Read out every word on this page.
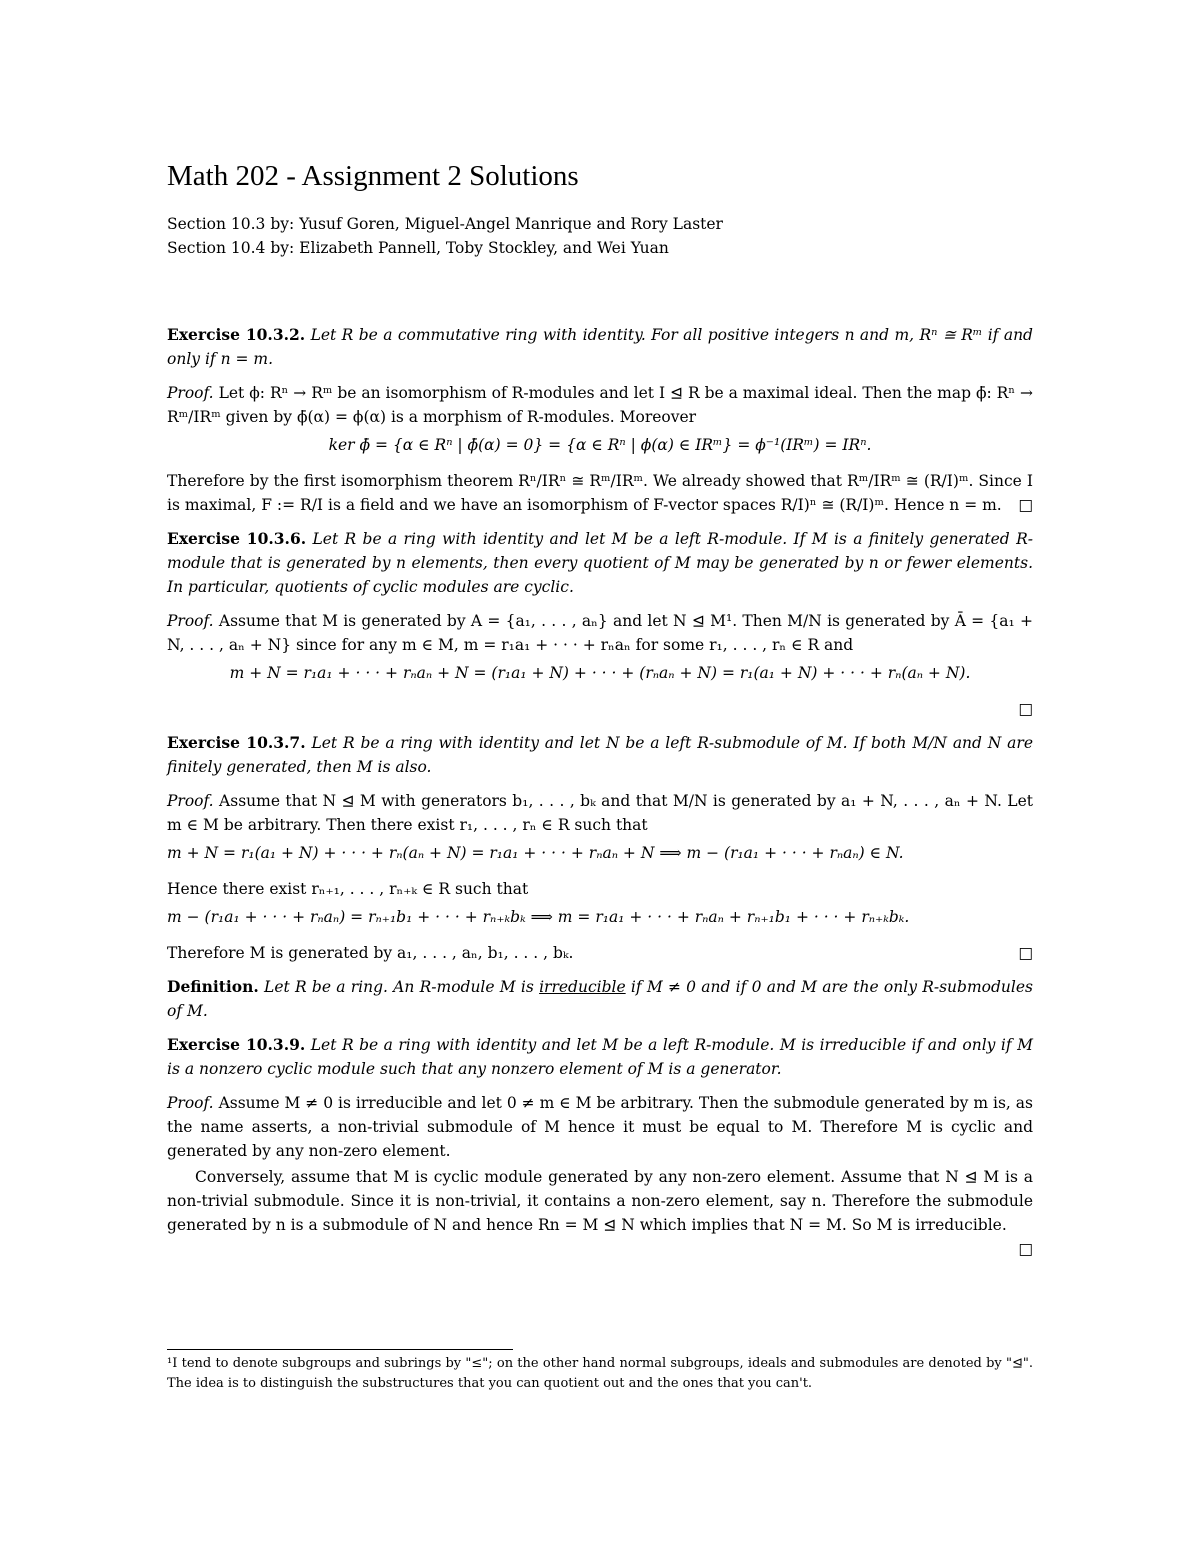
Math 202 - Assignment 2 Solutions
Section 10.3 by: Yusuf Goren, Miguel-Angel Manrique and Rory Laster
Section 10.4 by: Elizabeth Pannell, Toby Stockley, and Wei Yuan

Exercise 10.3.2. Let R be a commutative ring with identity. For all positive integers n and m, Rⁿ ≅ Rᵐ if and only if n = m.

Proof. Let ϕ: Rⁿ → Rᵐ be an isomorphism of R-modules and let I ⊴ R be a maximal ideal. Then the map ϕ̄: Rⁿ → Rᵐ/IRᵐ given by ϕ̄(α) = ϕ(α) is a morphism of R-modules. Moreover

ker ϕ̄ = {α ∈ Rⁿ | ϕ̄(α) = 0} = {α ∈ Rⁿ | ϕ(α) ∈ IRᵐ} = ϕ⁻¹(IRᵐ) = IRⁿ.

Therefore by the first isomorphism theorem Rⁿ/IRⁿ ≅ Rᵐ/IRᵐ. We already showed that Rᵐ/IRᵐ ≅ (R/I)ᵐ. Since I is maximal, F := R/I is a field and we have an isomorphism of F-vector spaces R/I)ⁿ ≅ (R/I)ᵐ. Hence n = m. □

Exercise 10.3.6. Let R be a ring with identity and let M be a left R-module. If M is a finitely generated R-module that is generated by n elements, then every quotient of M may be generated by n or fewer elements. In particular, quotients of cyclic modules are cyclic.

Proof. Assume that M is generated by A = {a₁, . . . , aₙ} and let N ⊴ M¹. Then M/N is generated by Ā = {a₁ + N, . . . , aₙ + N} since for any m ∈ M, m = r₁a₁ + · · · + rₙaₙ for some r₁, . . . , rₙ ∈ R and

m + N = r₁a₁ + · · · + rₙaₙ + N = (r₁a₁ + N) + · · · + (rₙaₙ + N) = r₁(a₁ + N) + · · · + rₙ(aₙ + N).
□

Exercise 10.3.7. Let R be a ring with identity and let N be a left R-submodule of M. If both M/N and N are finitely generated, then M is also.

Proof. Assume that N ⊴ M with generators b₁, . . . , bₖ and that M/N is generated by a₁ + N, . . . , aₙ + N. Let m ∈ M be arbitrary. Then there exist r₁, . . . , rₙ ∈ R such that

m + N = r₁(a₁ + N) + · · · + rₙ(aₙ + N) = r₁a₁ + · · · + rₙaₙ + N ⟹ m − (r₁a₁ + · · · + rₙaₙ) ∈ N.

Hence there exist rₙ₊₁, . . . , rₙ₊ₖ ∈ R such that

m − (r₁a₁ + · · · + rₙaₙ) = rₙ₊₁b₁ + · · · + rₙ₊ₖbₖ ⟹ m = r₁a₁ + · · · + rₙaₙ + rₙ₊₁b₁ + · · · + rₙ₊ₖbₖ.

Therefore M is generated by a₁, . . . , aₙ, b₁, . . . , bₖ.	□

Definition. Let R be a ring. An R-module M is irreducible if M ≠ 0 and if 0 and M are the only R-submodules of M.

Exercise 10.3.9. Let R be a ring with identity and let M be a left R-module. M is irreducible if and only if M is a nonzero cyclic module such that any nonzero element of M is a generator.

Proof. Assume M ≠ 0 is irreducible and let 0 ≠ m ∈ M be arbitrary. Then the submodule generated by m is, as the name asserts, a non-trivial submodule of M hence it must be equal to M. Therefore M is cyclic and generated by any non-zero element.

Conversely, assume that M is cyclic module generated by any non-zero element. Assume that N ⊴ M is a non-trivial submodule. Since it is non-trivial, it contains a non-zero element, say n. Therefore the submodule generated by n is a submodule of N and hence Rn = M ⊴ N which implies that N = M. So M is irreducible.
□

¹I tend to denote subgroups and subrings by "≤"; on the other hand normal subgroups, ideals and submodules are denoted by "⊴". The idea is to distinguish the substructures that you can quotient out and the ones that you can't.
